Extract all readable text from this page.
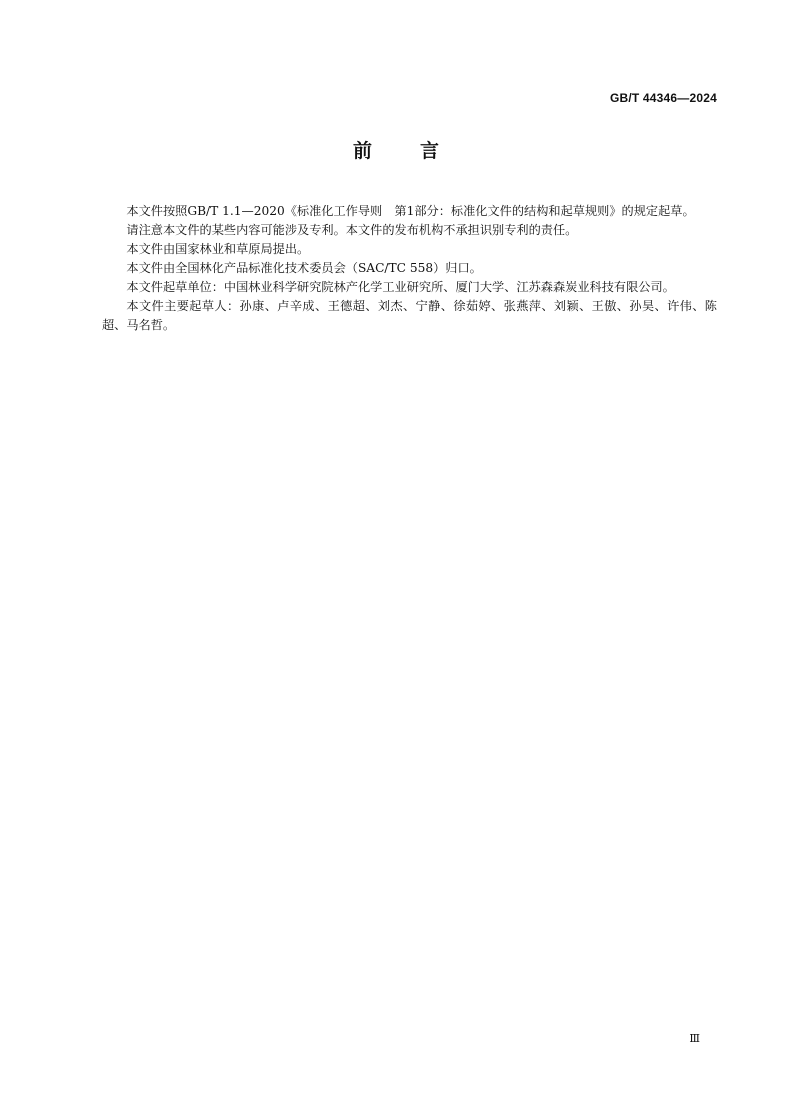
GB/T 44346—2024
前	言

本文件按照GB/T 1.1—2020《标准化工作导则　第1部分：标准化文件的结构和起草规则》的规定起草。

请注意本文件的某些内容可能涉及专利。本文件的发布机构不承担识别专利的责任。

本文件由国家林业和草原局提出。

本文件由全国林化产品标准化技术委员会（SAC/TC 558）归口。

本文件起草单位：中国林业科学研究院林产化学工业研究所、厦门大学、江苏森森炭业科技有限公司。

本文件主要起草人：孙康、卢辛成、王德超、刘杰、宁静、徐茹婷、张燕萍、刘颖、王傲、孙昊、许伟、陈超、马名哲。

Ⅲ
